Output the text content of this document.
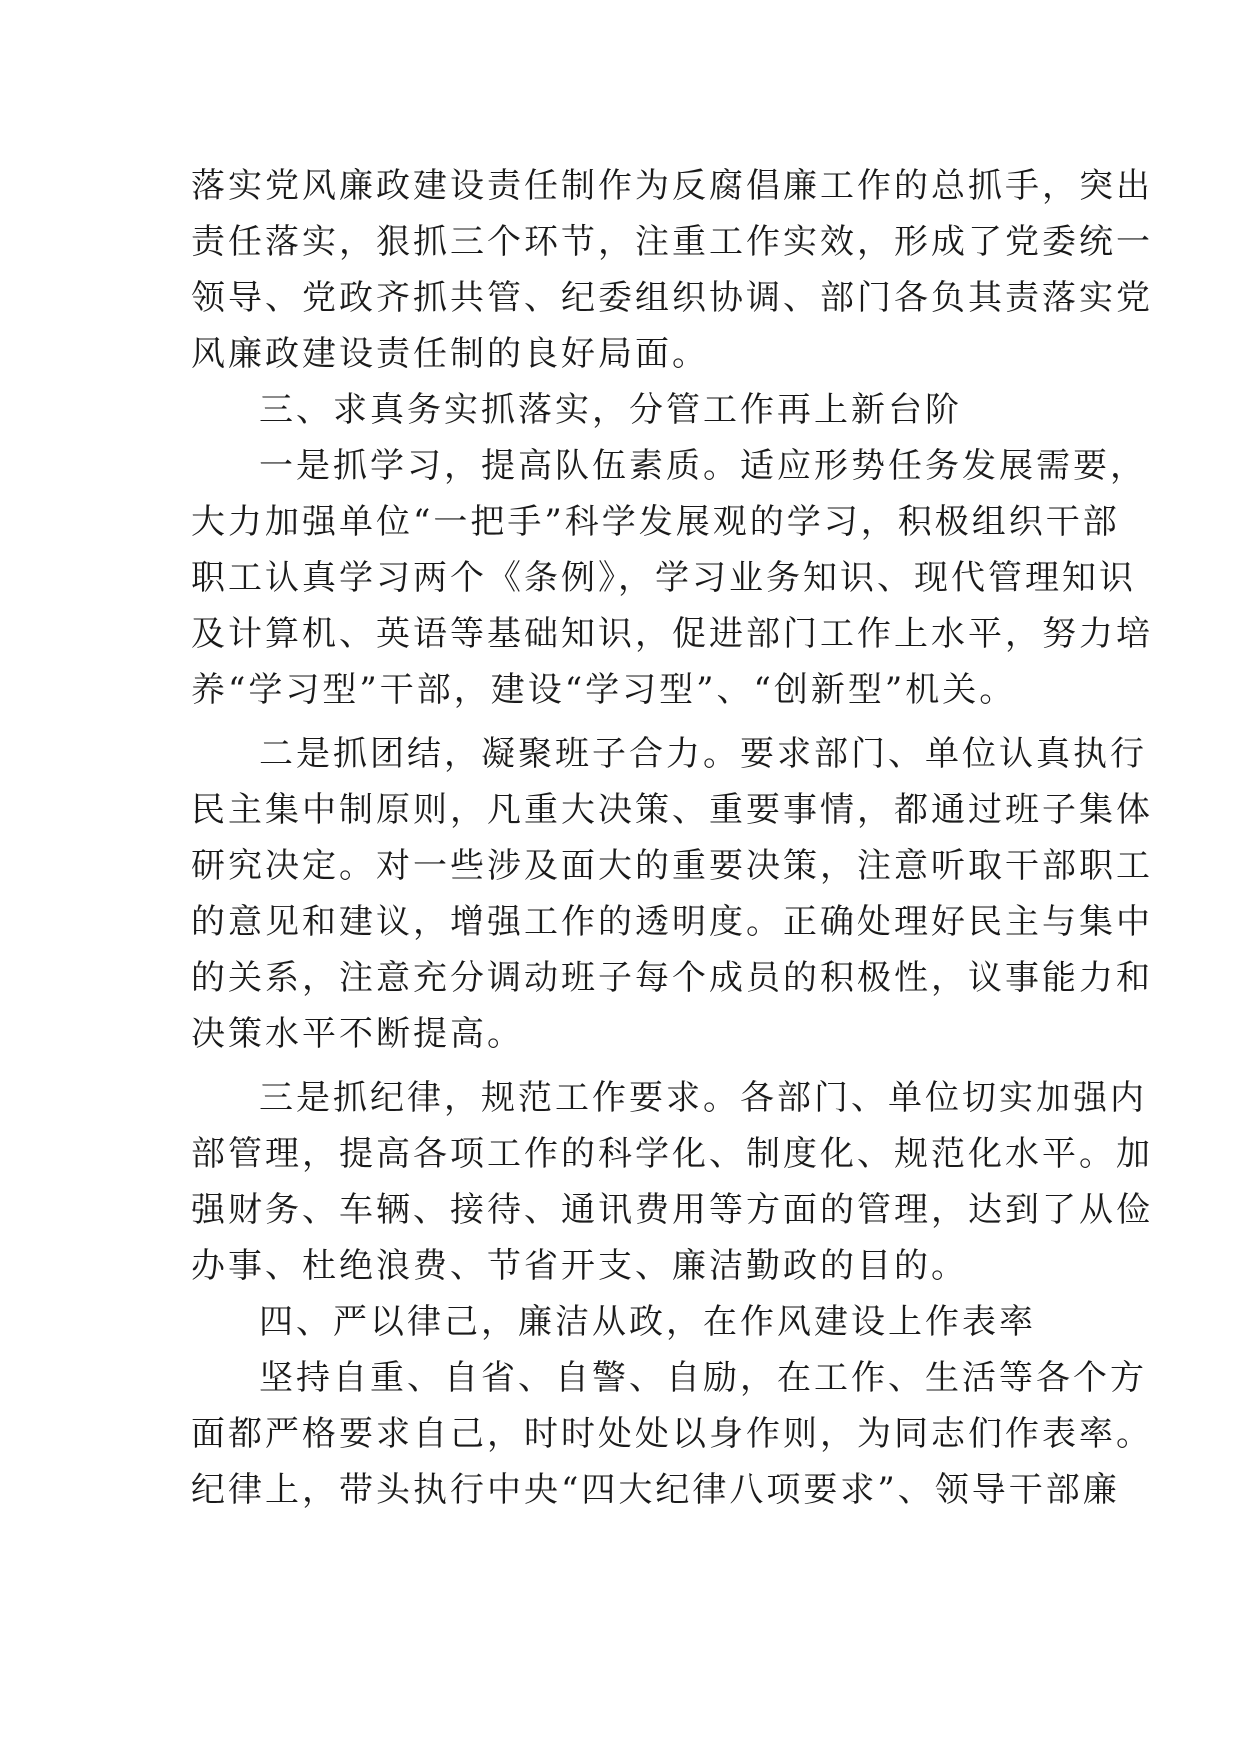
落实党风廉政建设责任制作为反腐倡廉工作的总抓手，突出

责任落实，狠抓三个环节，注重工作实效，形成了党委统一

领导、党政齐抓共管、纪委组织协调、部门各负其责落实党

风廉政建设责任制的良好局面。

三、求真务实抓落实，分管工作再上新台阶

一是抓学习，提高队伍素质。适应形势任务发展需要，

大力加强单位“一把手”科学发展观的学习，积极组织干部

职工认真学习两个《条例》，学习业务知识、现代管理知识

及计算机、英语等基础知识，促进部门工作上水平，努力培

养“学习型”干部，建设“学习型”、“创新型”机关。

二是抓团结，凝聚班子合力。要求部门、单位认真执行

民主集中制原则，凡重大决策、重要事情，都通过班子集体

研究决定。对一些涉及面大的重要决策，注意听取干部职工

的意见和建议，增强工作的透明度。正确处理好民主与集中

的关系，注意充分调动班子每个成员的积极性，议事能力和

决策水平不断提高。

三是抓纪律，规范工作要求。各部门、单位切实加强内

部管理，提高各项工作的科学化、制度化、规范化水平。加

强财务、车辆、接待、通讯费用等方面的管理，达到了从俭

办事、杜绝浪费、节省开支、廉洁勤政的目的。

四、严以律己，廉洁从政，在作风建设上作表率

坚持自重、自省、自警、自励，在工作、生活等各个方

面都严格要求自己，时时处处以身作则，为同志们作表率。

纪律上，带头执行中央“四大纪律八项要求”、领导干部廉
